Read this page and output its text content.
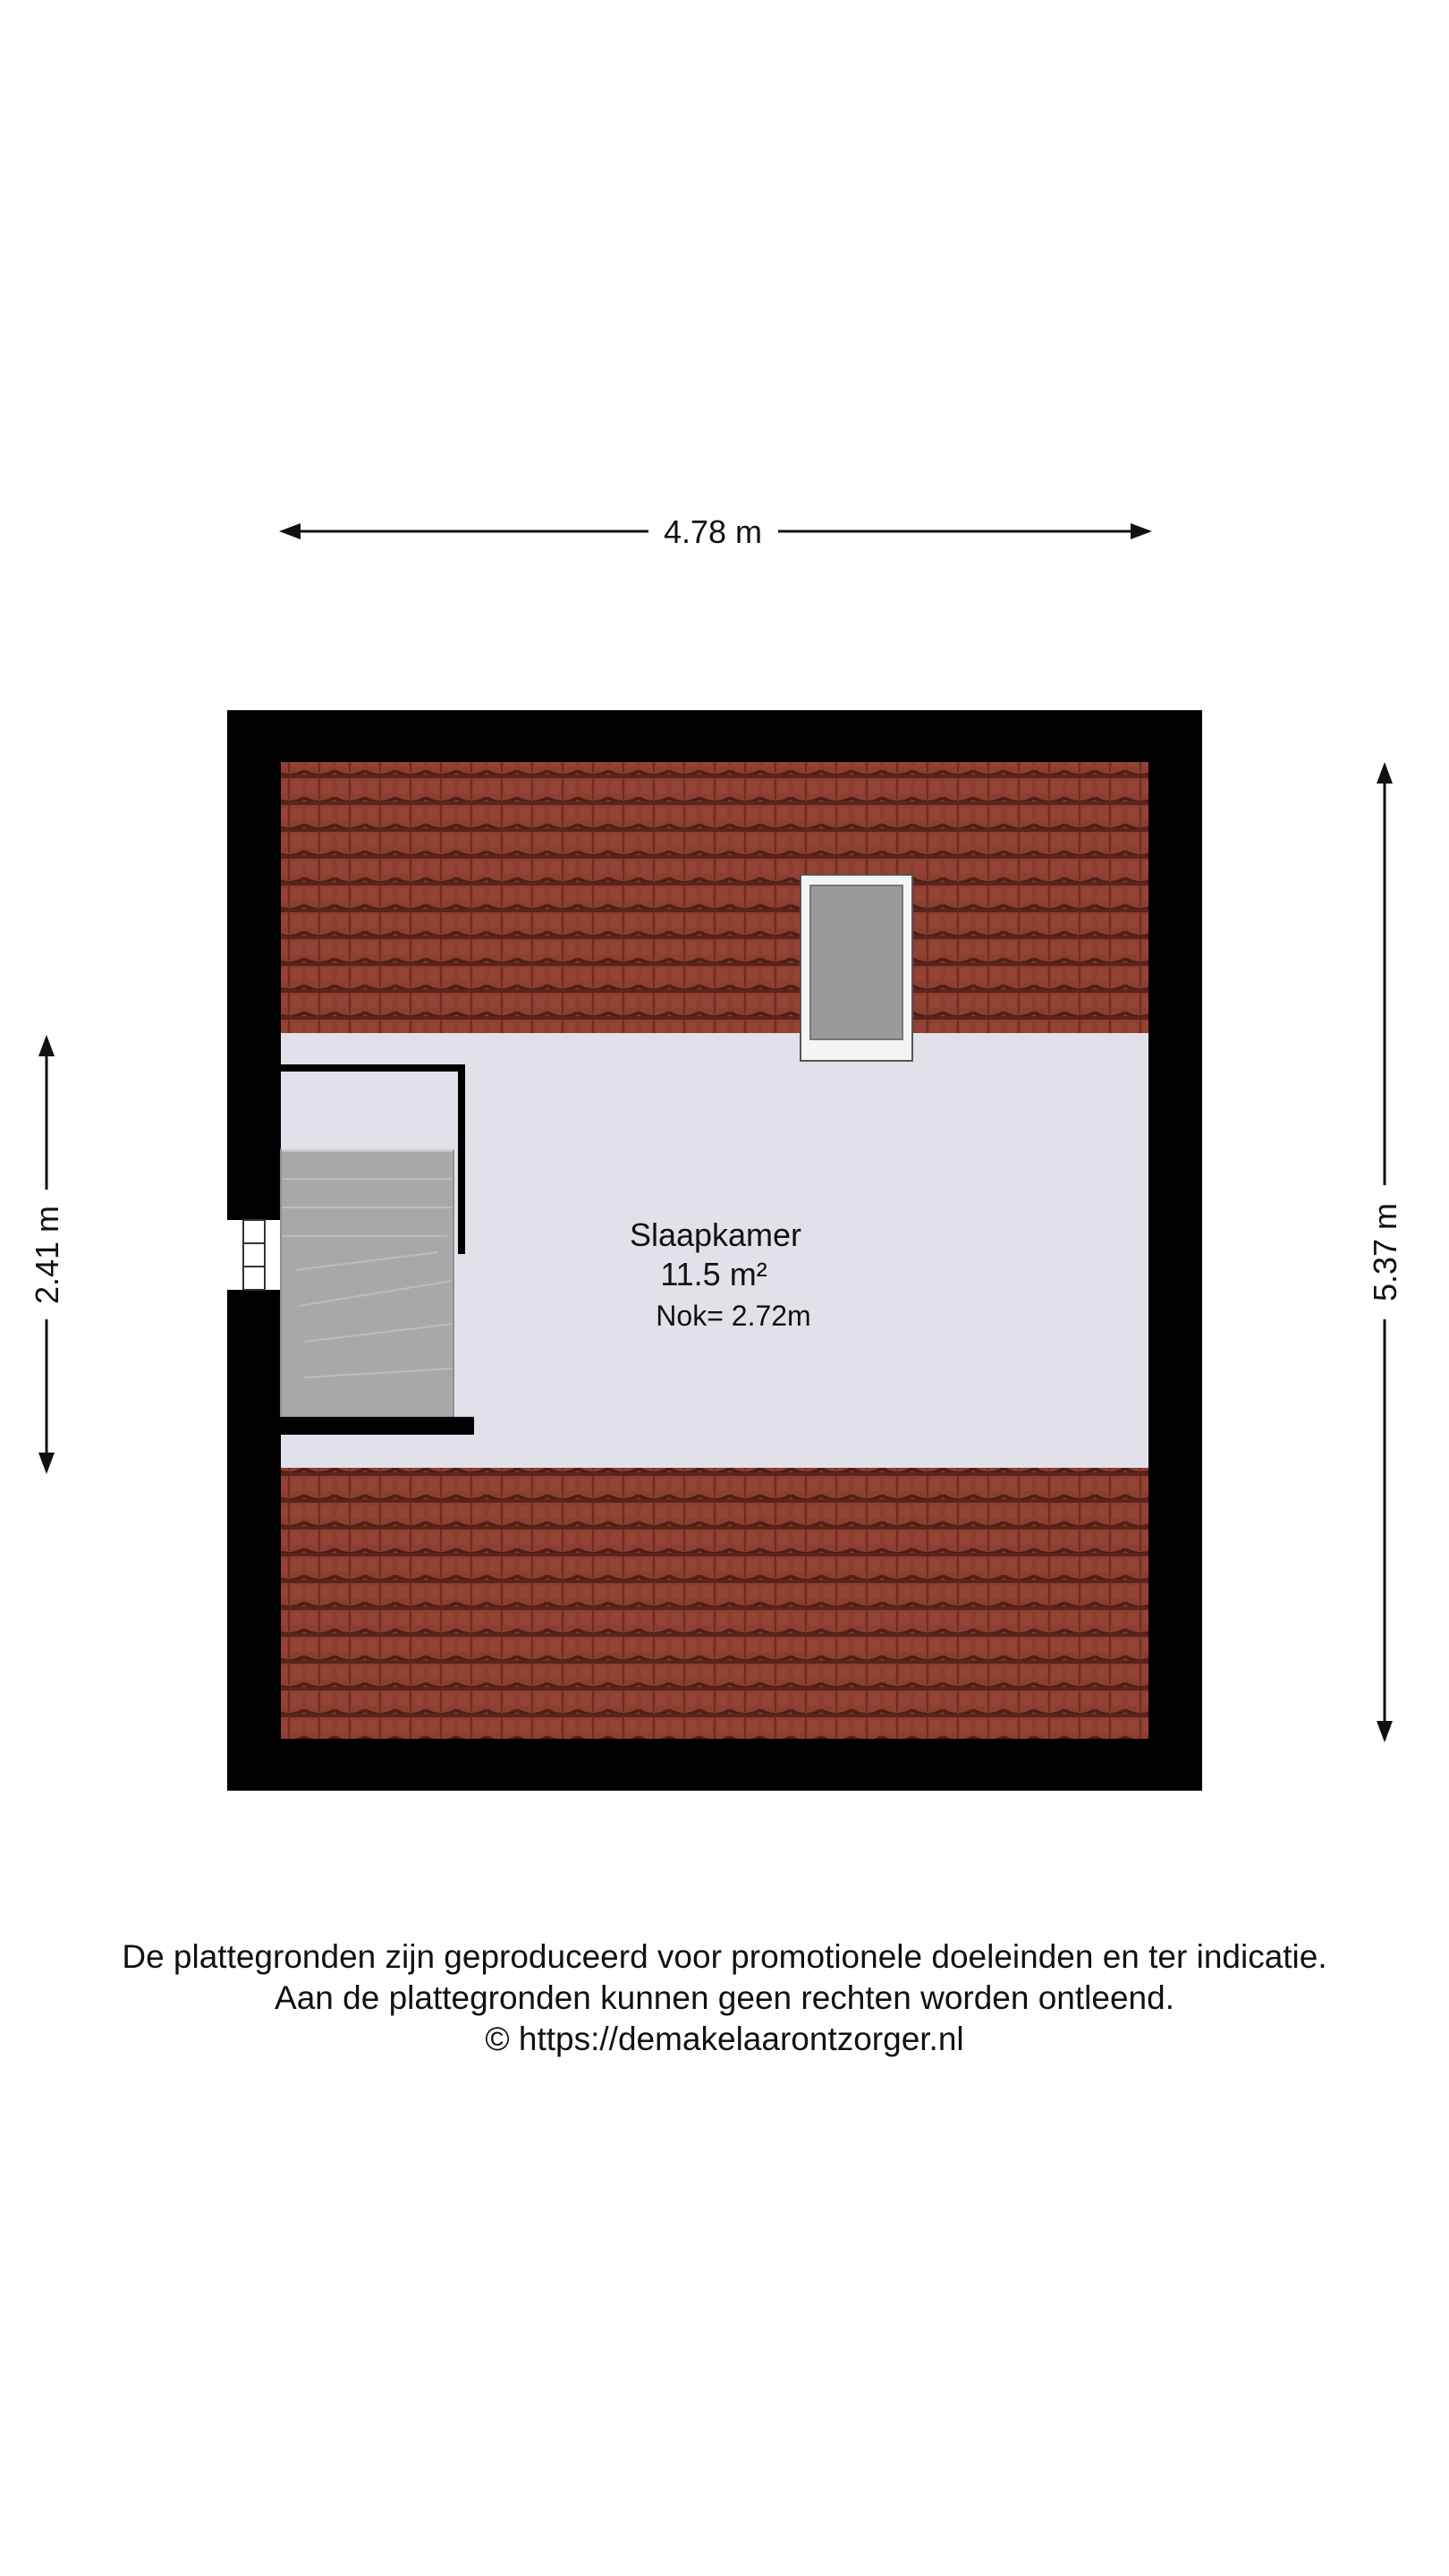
4.78 m
5.37 m
2.41 m	Slaapkamer
11.5 m²
Nok= 2.72m
De plattegronden zijn geproduceerd voor promotionele doeleinden en ter indicatie.
Aan de plattegronden kunnen geen rechten worden ontleend.
© https://demakelaarontzorger.nl
